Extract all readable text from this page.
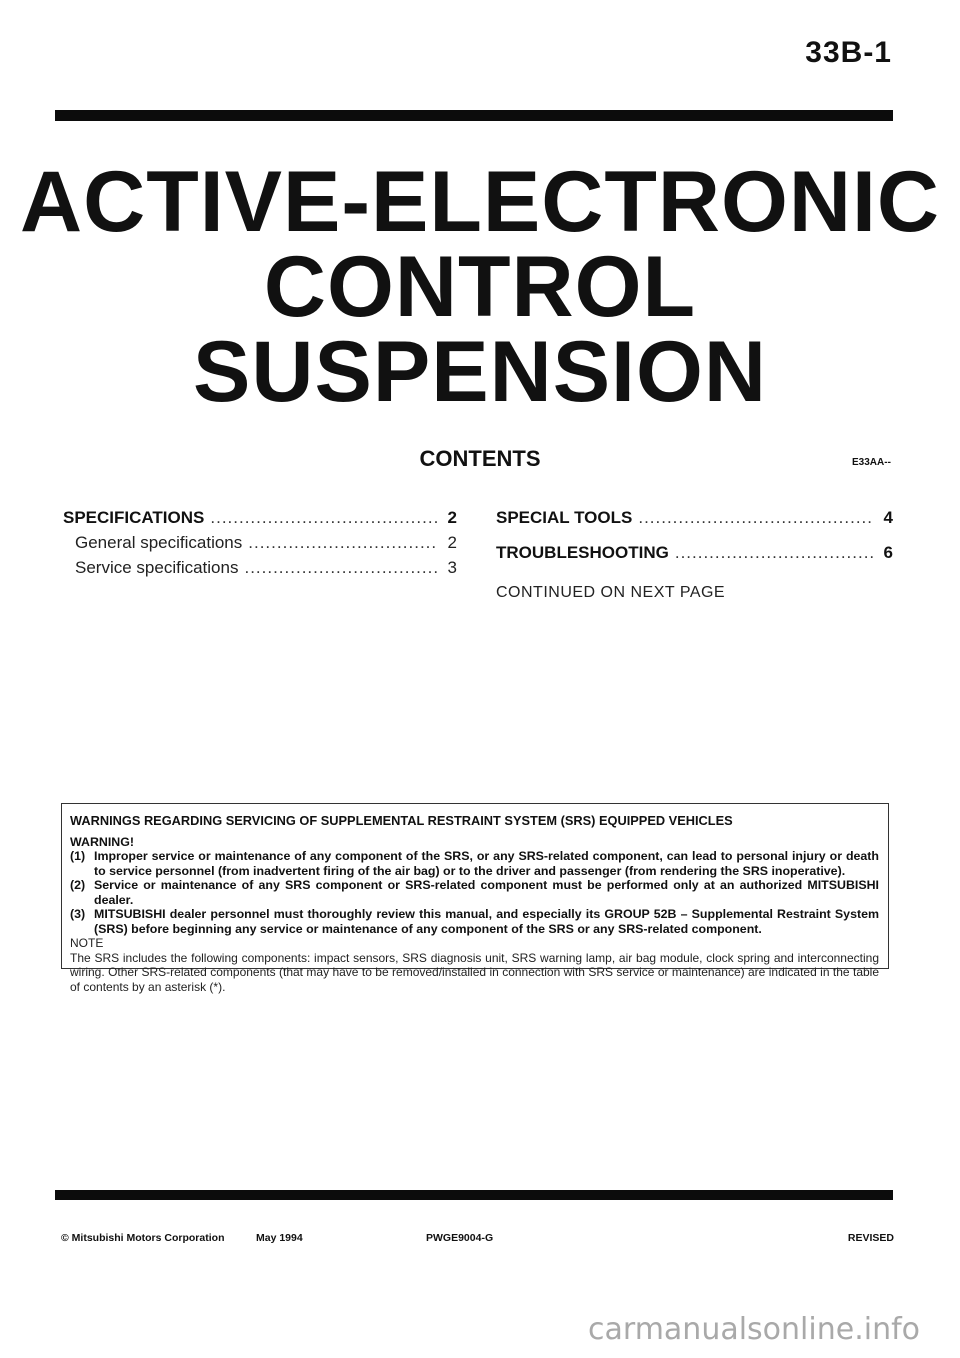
33B-1
ACTIVE-ELECTRONIC
CONTROL
SUSPENSION
CONTENTS	E33AA--
SPECIFICATIONS .....	2
General specifications .....	2
Service specifications .....	3
SPECIAL TOOLS .....	4
TROUBLESHOOTING .....	6
CONTINUED ON NEXT PAGE
WARNINGS REGARDING SERVICING OF SUPPLEMENTAL RESTRAINT SYSTEM (SRS) EQUIPPED VEHICLES
WARNING!
(1) Improper service or maintenance of any component of the SRS, or any SRS-related component, can lead to personal injury or death to service personnel (from inadvertent firing of the air bag) or to the driver and passenger (from rendering the SRS inoperative).
(2) Service or maintenance of any SRS component or SRS-related component must be performed only at an authorized MITSUBISHI dealer.
(3) MITSUBISHI dealer personnel must thoroughly review this manual, and especially its GROUP 52B – Supplemental Restraint System (SRS) before beginning any service or maintenance of any component of the SRS or any SRS-related component.
NOTE
The SRS includes the following components: impact sensors, SRS diagnosis unit, SRS warning lamp, air bag module, clock spring and interconnecting wiring. Other SRS-related components (that may have to be removed/installed in connection with SRS service or maintenance) are indicated in the table of contents by an asterisk (*).
© Mitsubishi Motors Corporation	May 1994	PWGE9004-G	REVISED
carmanualsonline.info
